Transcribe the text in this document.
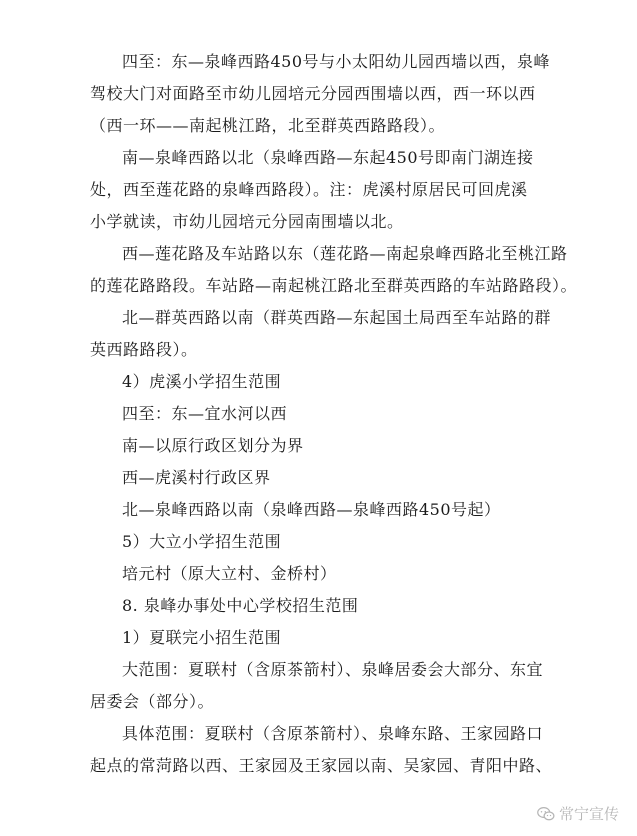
四至：东—泉峰西路450号与小太阳幼儿园西墙以西，泉峰
驾校大门对面路至市幼儿园培元分园西围墙以西，西一环以西
（西一环——南起桃江路，北至群英西路路段）。

南—泉峰西路以北（泉峰西路—东起450号即南门湖连接
处，西至莲花路的泉峰西路段）。注：虎溪村原居民可回虎溪
小学就读，市幼儿园培元分园南围墙以北。

西—莲花路及车站路以东（莲花路—南起泉峰西路北至桃江路
的莲花路路段。车站路—南起桃江路北至群英西路的车站路路段）。

北—群英西路以南（群英西路—东起国土局西至车站路的群
英西路路段）。

4）虎溪小学招生范围

四至：东—宜水河以西

南—以原行政区划分为界

西—虎溪村行政区界

北—泉峰西路以南（泉峰西路—泉峰西路450号起）

5）大立小学招生范围

培元村（原大立村、金桥村）

8. 泉峰办事处中心学校招生范围

1）夏联完小招生范围

大范围：夏联村（含原茶箭村）、泉峰居委会大部分、东宜
居委会（部分）。

具体范围：夏联村（含原茶箭村）、泉峰东路、王家园路口
起点的常菏路以西、王家园及王家园以南、吴家园、青阳中路、

常宁宣传
